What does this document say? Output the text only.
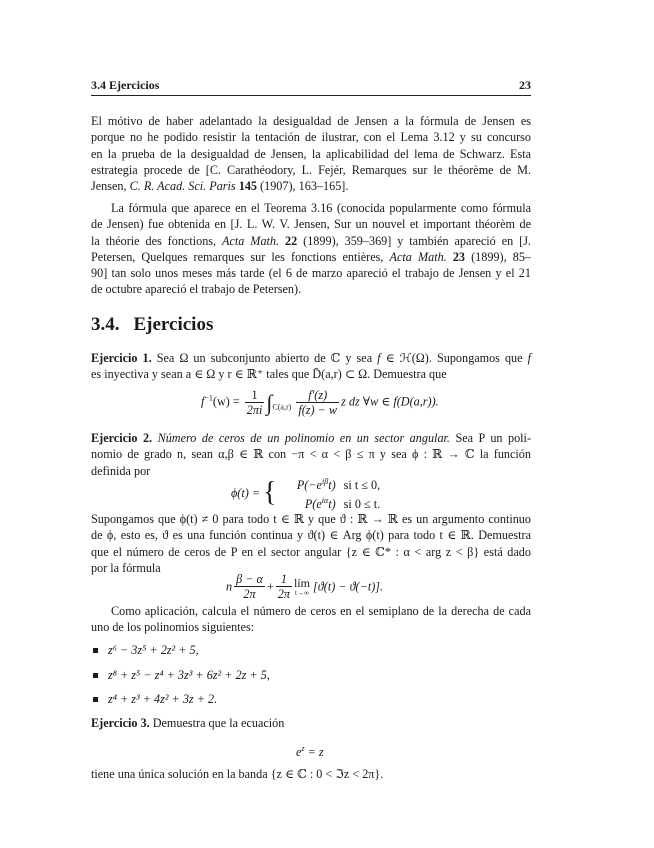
3.4 Ejercicios	23
El mótivo de haber adelantado la desigualdad de Jensen a la fórmula de Jensen es
porque no he podido resistir la tentación de ilustrar, con el Lema 3.12 y su concurso
en la prueba de la desigualdad de Jensen, la aplicabilidad del lema de Schwarz. Esta
estrategia procede de [C. Carathéodory, L. Fejér, Remarques sur le théorème de M.
Jensen, C. R. Acad. Sci. Paris 145 (1907), 163–165].
La fórmula que aparece en el Teorema 3.16 (conocida popularmente como fórmula
de Jensen) fue obtenida en [J. L. W. V. Jensen, Sur un nouvel et important théorèm de
la théorie des fonctions, Acta Math. 22 (1899), 359–369] y también apareció en [J.
Petersen, Quelques remarques sur les fonctions entières, Acta Math. 23 (1899), 85–
90] tan solo unos meses más tarde (el 6 de marzo apareció el trabajo de Jensen y el 21
de octubre apareció el trabajo de Petersen).
3.4. Ejercicios
Ejercicio 1. Sea Ω un subconjunto abierto de ℂ y sea f ∈ ℋ(Ω). Supongamos que f
es inyectiva y sean a ∈ Ω y r ∈ ℝ⁺ tales que D̄(a,r) ⊂ Ω. Demuestra que
$f^{-1}(w) = \frac{1}{2\pi i} \int_{C(a,r)} \frac{f'(z)}{f(z) - w}$ z dz ∀w ∈ f(D(a,r)).
Ejercicio 2. Número de ceros de un polinomio en un sector angular. Sea P un poli-
nomio de grado n, sean α,β ∈ ℝ con −π < α < β ≤ π y sea ϕ : ℝ → ℂ la función
definida por
ϕ(t) = {	$P(-e^{i\beta}t)$ si t ≤ 0,
$P(e^{i\alpha}t)$ si 0 ≤ t.
Supongamos que ϕ(t) ≠ 0 para todo t ∈ ℝ y que ϑ : ℝ → ℝ es un argumento continuo
de ϕ, esto es, ϑ es una función continua y ϑ(t) ∈ Arg ϕ(t) para todo t ∈ ℝ. Demuestra
que el número de ceros de P en el sector angular {z ∈ ℂ* : α < arg z < β} está dado
por la fórmula
n $\frac{\beta - \alpha}{2\pi} + \frac{1}{2\pi}$ lím
t→∞ [ϑ(t) − ϑ(−t)].
Como aplicación, calcula el número de ceros en el semiplano de la derecha de cada
uno de los polinomios siguientes:
z⁶ − 3z⁵ + 2z² + 5,
z⁸ + z⁵ − z⁴ + 3z³ + 6z² + 2z + 5,
z⁴ + z³ + 4z² + 3z + 2.
Ejercicio 3. Demuestra que la ecuación
$e^z = z$
tiene una única solución en la banda {z ∈ ℂ : 0 < ℑz < 2π}.
